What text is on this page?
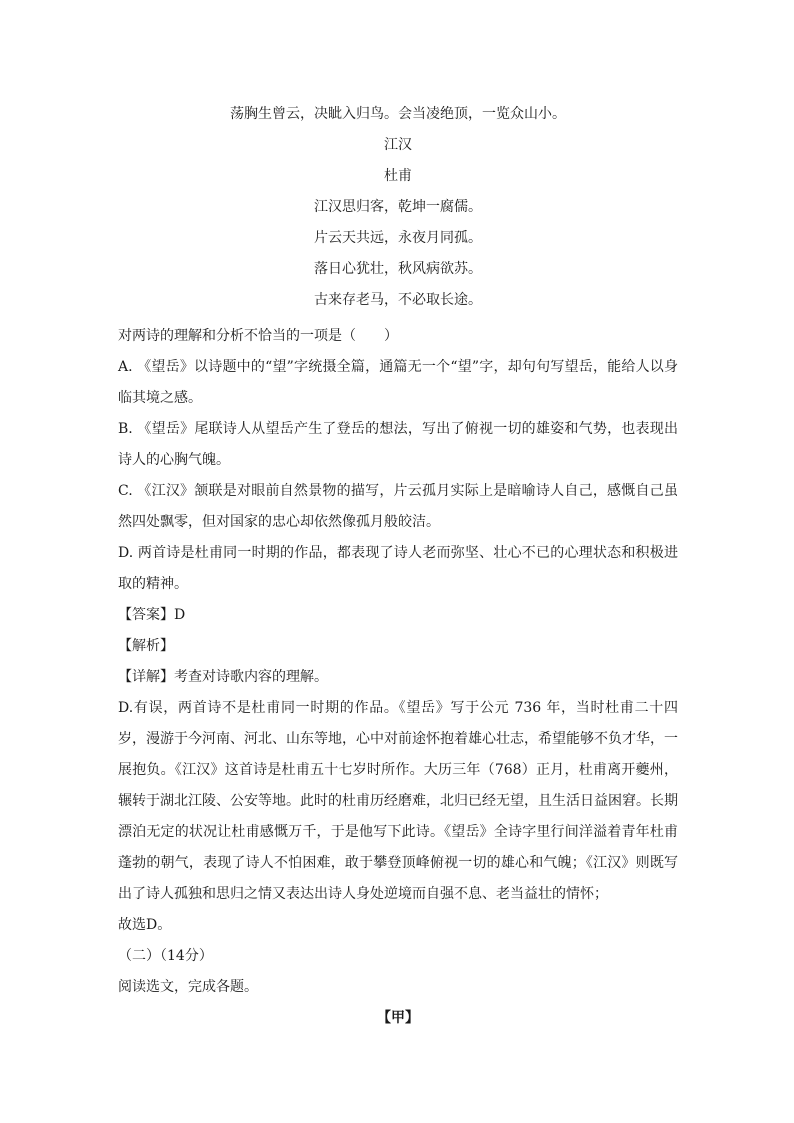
荡胸生曾云，决眦入归鸟。会当凌绝顶，一览众山小。
江汉
杜甫
江汉思归客，乾坤一腐儒。
片云天共远，永夜月同孤。
落日心犹壮，秋风病欲苏。
古来存老马，不必取长途。

对两诗的理解和分析不恰当的一项是（　　）

A. 《望岳》以诗题中的“望”字统摄全篇，通篇无一个“望”字，却句句写望岳，能给人以身临其境之感。

B. 《望岳》尾联诗人从望岳产生了登岳的想法，写出了俯视一切的雄姿和气势，也表现出诗人的心胸气魄。

C. 《江汉》颔联是对眼前自然景物的描写，片云孤月实际上是暗喻诗人自己，感慨自己虽然四处飘零，但对国家的忠心却依然像孤月般皎洁。

D. 两首诗是杜甫同一时期的作品，都表现了诗人老而弥坚、壮心不已的心理状态和积极进取的精神。

【答案】D

【解析】

【详解】考查对诗歌内容的理解。

D.有误，两首诗不是杜甫同一时期的作品。《望岳》写于公元 736 年，当时杜甫二十四岁，漫游于今河南、河北、山东等地，心中对前途怀抱着雄心壮志，希望能够不负才华，一展抱负。《江汉》这首诗是杜甫五十七岁时所作。大历三年（768）正月，杜甫离开夔州，辗转于湖北江陵、公安等地。此时的杜甫历经磨难，北归已经无望，且生活日益困窘。长期漂泊无定的状况让杜甫感慨万千，于是他写下此诗。《望岳》全诗字里行间洋溢着青年杜甫蓬勃的朝气，表现了诗人不怕困难，敢于攀登顶峰俯视一切的雄心和气魄；《江汉》则既写出了诗人孤独和思归之情又表达出诗人身处逆境而自强不息、老当益壮的情怀；

故选D。

（二）（14分）

阅读选文，完成各题。

【甲】
